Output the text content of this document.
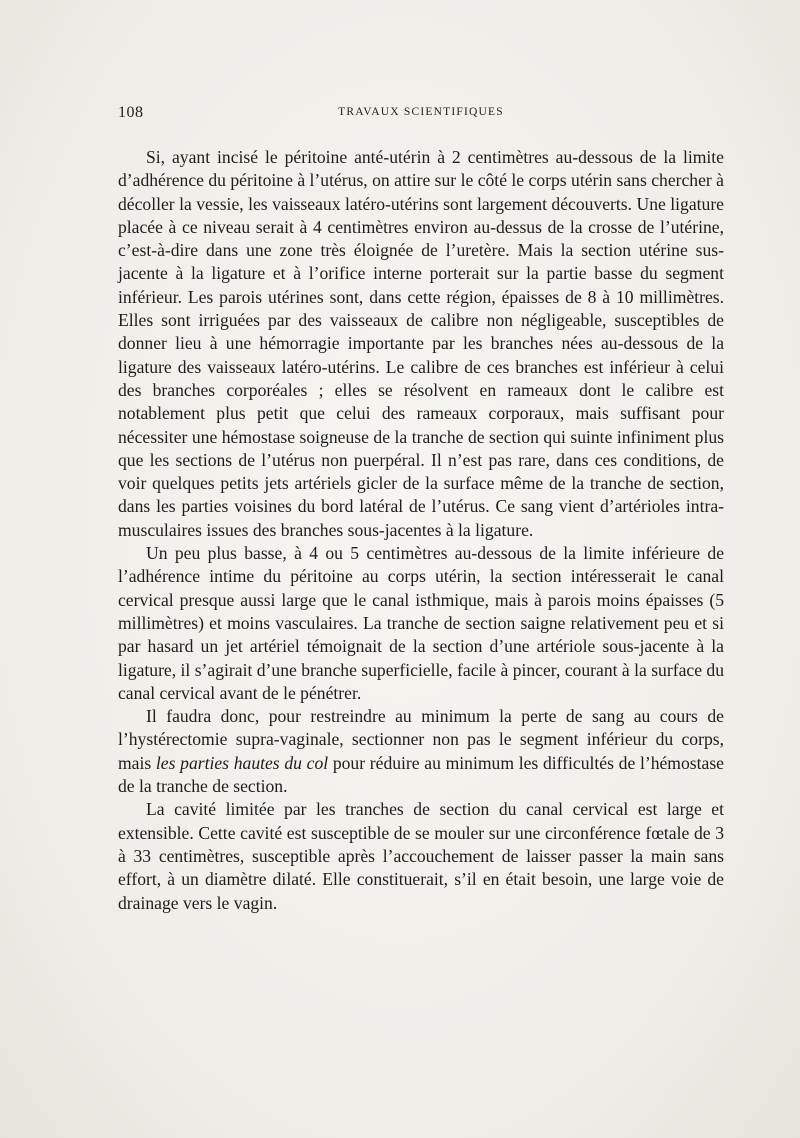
108	TRAVAUX SCIENTIFIQUES

Si, ayant incisé le péritoine anté-utérin à 2 centimètres au-dessous de la limite d’adhérence du péritoine à l’utérus, on attire sur le côté le corps utérin sans chercher à décoller la vessie, les vaisseaux latéro-utérins sont largement découverts. Une ligature placée à ce niveau serait à 4 centimètres environ au-dessus de la crosse de l’utérine, c’est-à-dire dans une zone très éloignée de l’uretère. Mais la section utérine sus-jacente à la ligature et à l’orifice interne porterait sur la partie basse du segment inférieur. Les parois utérines sont, dans cette région, épaisses de 8 à 10 millimètres. Elles sont irriguées par des vaisseaux de calibre non négligeable, susceptibles de donner lieu à une hémorragie importante par les branches nées au-dessous de la ligature des vaisseaux latéro-utérins. Le calibre de ces branches est inférieur à celui des branches corporéales ; elles se résolvent en rameaux dont le calibre est notablement plus petit que celui des rameaux corporaux, mais suffisant pour nécessiter une hémostase soigneuse de la tranche de section qui suinte infiniment plus que les sections de l’utérus non puerpéral. Il n’est pas rare, dans ces conditions, de voir quelques petits jets artériels gicler de la surface même de la tranche de section, dans les parties voisines du bord latéral de l’utérus. Ce sang vient d’artérioles intra-musculaires issues des branches sous-jacentes à la ligature.

Un peu plus basse, à 4 ou 5 centimètres au-dessous de la limite inférieure de l’adhérence intime du péritoine au corps utérin, la section intéresserait le canal cervical presque aussi large que le canal isthmique, mais à parois moins épaisses (5 millimètres) et moins vasculaires. La tranche de section saigne relativement peu et si par hasard un jet artériel témoignait de la section d’une artériole sous-jacente à la ligature, il s’agirait d’une branche superficielle, facile à pincer, courant à la surface du canal cervical avant de le pénétrer.

Il faudra donc, pour restreindre au minimum la perte de sang au cours de l’hystérectomie supra-vaginale, sectionner non pas le segment inférieur du corps, mais les parties hautes du col pour réduire au minimum les difficultés de l’hémostase de la tranche de section.

La cavité limitée par les tranches de section du canal cervical est large et extensible. Cette cavité est susceptible de se mouler sur une circonférence fœtale de 3 à 33 centimètres, susceptible après l’accouchement de laisser passer la main sans effort, à un diamètre dilaté. Elle constituerait, s’il en était besoin, une large voie de drainage vers le vagin.
